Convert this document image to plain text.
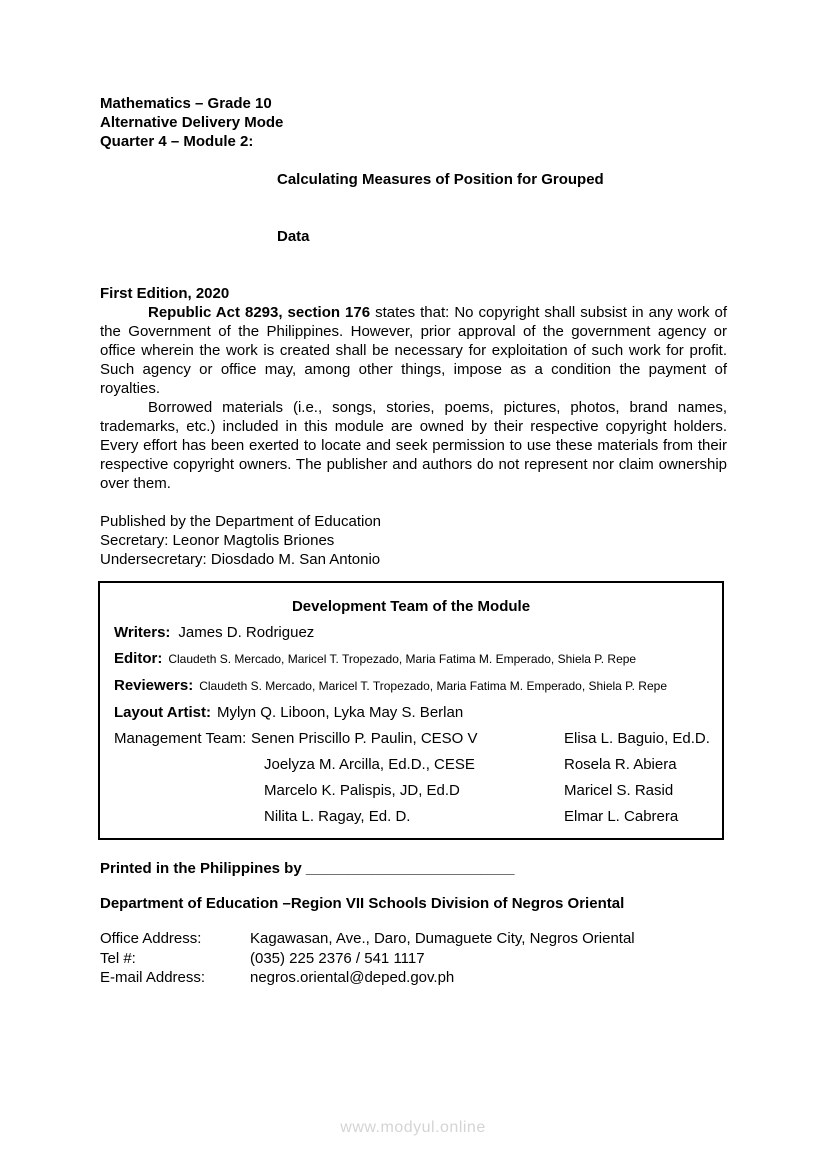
Mathematics – Grade 10
Alternative Delivery Mode
Quarter 4 – Module 2:

Calculating Measures of Position for Grouped

Data

First Edition, 2020

Republic Act 8293, section 176 states that: No copyright shall subsist in any work of the Government of the Philippines. However, prior approval of the government agency or office wherein the work is created shall be necessary for exploitation of such work for profit. Such agency or office may, among other things, impose as a condition the payment of royalties.

Borrowed materials (i.e., songs, stories, poems, pictures, photos, brand names, trademarks, etc.) included in this module are owned by their respective copyright holders. Every effort has been exerted to locate and seek permission to use these materials from their respective copyright owners. The publisher and authors do not represent nor claim ownership over them.

Published by the Department of Education
Secretary: Leonor Magtolis Briones
Undersecretary: Diosdado M. San Antonio
Development Team of the Module
Writers: James D. Rodriguez
Editor: Claudeth S. Mercado, Maricel T. Tropezado, Maria Fatima M. Emperado, Shiela P. Repe
Reviewers: Claudeth S. Mercado, Maricel T. Tropezado, Maria Fatima M. Emperado, Shiela P. Repe
Layout Artist: Mylyn Q. Liboon, Lyka May S. Berlan
Management Team: Senen Priscillo P. Paulin, CESO V	Elisa L. Baguio, Ed.D.
Joelyza M. Arcilla, Ed.D., CESE	Rosela R. Abiera
Marcelo K. Palispis, JD, Ed.D	Maricel S. Rasid
Nilita L. Ragay, Ed. D.	Elmar L. Cabrera
Printed in the Philippines by _________________________
Department of Education –Region VII Schools Division of Negros Oriental
Office Address:	Kagawasan, Ave., Daro, Dumaguete City, Negros Oriental
Tel #:	(035) 225 2376 / 541 1117
E-mail Address:	negros.oriental@deped.gov.ph
www.modyul.online
